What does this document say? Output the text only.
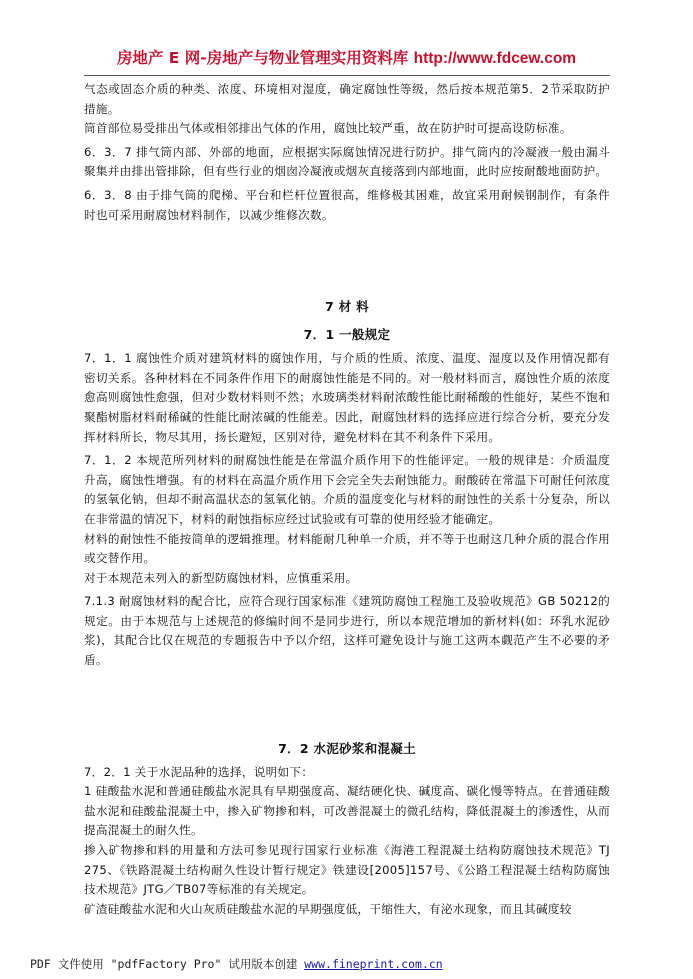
房地产 E 网-房地产与物业管理实用资料库 http://www.fdcew.com

气态或固态介质的种类、浓度、环境相对湿度，确定腐蚀性等级，然后按本规范第5．2节采取防护措施。

筒首部位易受排出气体或相邻排出气体的作用，腐蚀比较严重，故在防护时可提高设防标准。

6．3．7 排气筒内部、外部的地面，应根据实际腐蚀情况进行防护。排气筒内的冷凝液一般由漏斗聚集并由排出管排除，但有些行业的烟囱冷凝液或烟灰直接落到内部地面，此时应按耐酸地面防护。

6．3．8 由于排气筒的爬梯、平台和栏杆位置很高，维修极其困难，故宜采用耐候钢制作，有条件时也可采用耐腐蚀材料制作，以减少维修次数。

7 材 料
7．1 一般规定

7．1．1 腐蚀性介质对建筑材料的腐蚀作用，与介质的性质、浓度、温度、湿度以及作用情况都有密切关系。各种材料在不同条件作用下的耐腐蚀性能是不同的。对一般材料而言，腐蚀性介质的浓度愈高则腐蚀性愈强，但对少数材料则不然；水玻璃类材料耐浓酸性能比耐稀酸的性能好，某些不饱和聚酯树脂材料耐稀碱的性能比耐浓碱的性能差。因此，耐腐蚀材料的选择应进行综合分析，要充分发挥材料所长，物尽其用，扬长避短，区别对待，避免材料在其不利条件下采用。

7．1．2 本规范所列材料的耐腐蚀性能是在常温介质作用下的性能评定。一般的规律是：介质温度升高，腐蚀性增强。有的材料在高温介质作用下会完全失去耐蚀能力。耐酸砖在常温下可耐任何浓度的氢氧化钠，但却不耐高温状态的氢氧化钠。介质的温度变化与材料的耐蚀性的关系十分复杂，所以在非常温的情况下，材料的耐蚀指标应经过试验或有可靠的使用经验才能确定。

材料的耐蚀性不能按简单的逻辑推理。材料能耐几种单一介质，并不等于也耐这几种介质的混合作用或交替作用。

对于本规范未列入的新型防腐蚀材料，应慎重采用。

7.1.3 耐腐蚀材料的配合比，应符合现行国家标准《建筑防腐蚀工程施工及验收规范》GB 50212的规定。由于本规范与上述规范的修编时间不是同步进行，所以本规范增加的新材料(如：环乳水泥砂浆)，其配合比仅在规范的专题报告中予以介绍，这样可避免设计与施工这两本觑范产生不必要的矛盾。

7．2 水泥砂浆和混凝土

7．2．1 关于水泥品种的选择，说明如下：

1 硅酸盐水泥和普通硅酸盐水泥具有早期强度高、凝结硬化快、碱度高、碳化慢等特点。在普通硅酸盐水泥和硅酸盐混凝土中，掺入矿物掺和料，可改善混凝土的微孔结构，降低混凝土的渗透性，从而提高混凝土的耐久性。

掺入矿物掺和料的用量和方法可参见现行国家行业标准《海港工程混凝土结构防腐蚀技术规范》TJ 275、《铁路混凝土结构耐久性设计暂行规定》铁建设[2005]157号、《公路工程混凝土结构防腐蚀技术规范》JTG／TB07等标准的有关规定。

矿渣硅酸盐水泥和火山灰质硅酸盐水泥的早期强度低，干缩性大，有泌水现象，而且其碱度较

PDF 文件使用 "pdfFactory Pro" 试用版本创建 www.fineprint.com.cn
